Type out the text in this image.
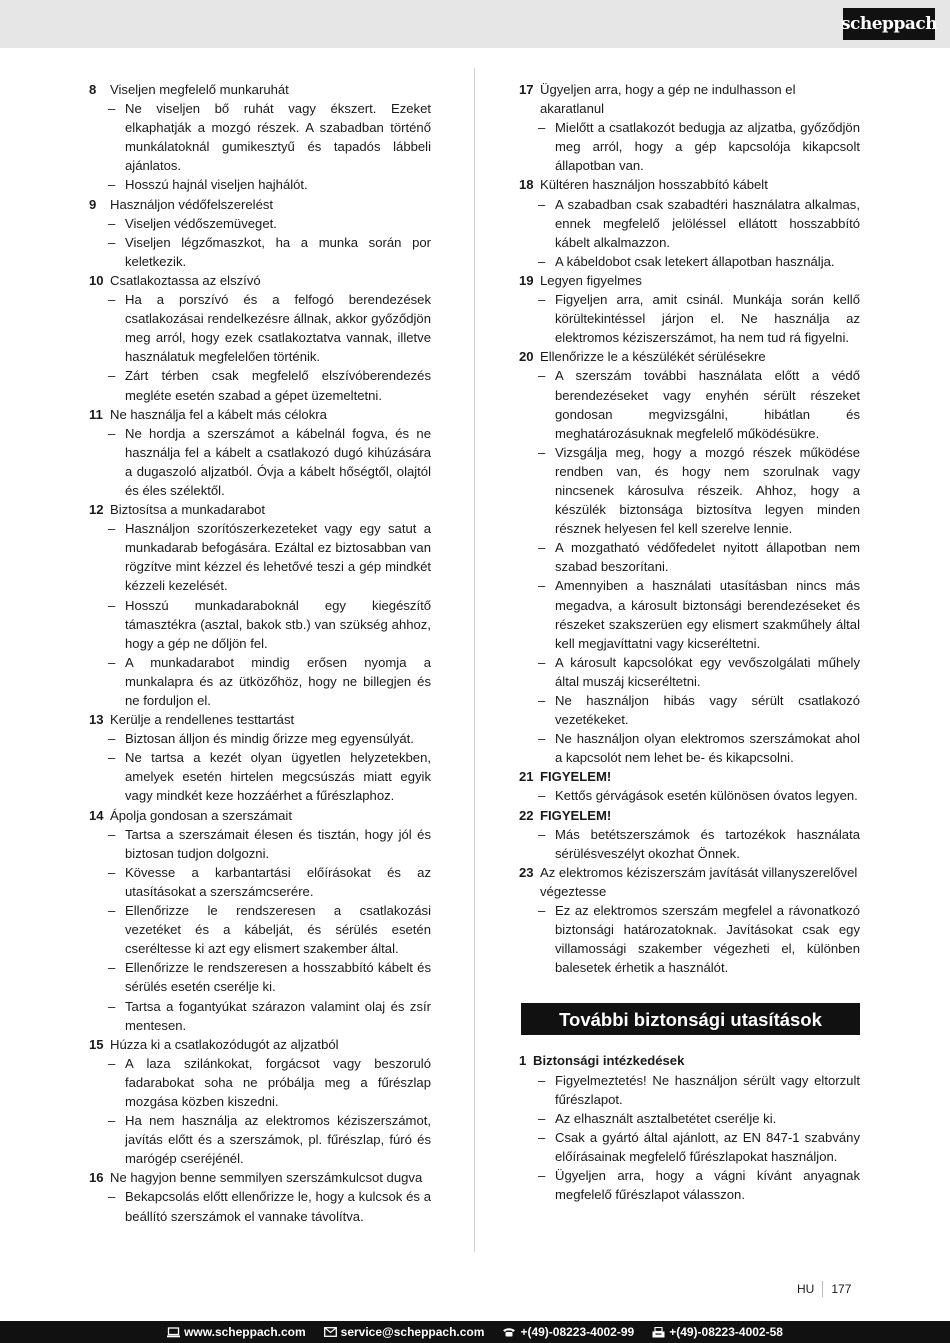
scheppach
8	Viseljen megfelelő munkaruhát
– Ne viseljen bő ruhát vagy ékszert. Ezeket elkaphatják a mozgó részek. A szabadban történő munkálatoknál gumikesztyű és tapadós lábbeli ajánlatos.
– Hosszú hajnál viseljen hajhálót.
9	Használjon védőfelszerelést
– Viseljen védőszemüveget.
– Viseljen légzőmaszkot, ha a munka során por keletkezik.
10 Csatlakoztassa az elszívó
– Ha a porszívó és a felfogó berendezések csatlakozásai rendelkezésre állnak, akkor győződjön meg arról, hogy ezek csatlakoztatva vannak, illetve használatuk megfelelően történik.
– Zárt térben csak megfelelő elszívóberendezés megléte esetén szabad a gépet üzemeltetni.
11 Ne használja fel a kábelt más célokra
– Ne hordja a szerszámot a kábelnál fogva, és ne használja fel a kábelt a csatlakozó dugó kihúzására a dugaszoló aljzatból. Óvja a kábelt hőségtől, olajtól és éles szélektől.
12 Biztosítsa a munkadarabot
– Használjon szorítószerkezeteket vagy egy satut a munkadarab befogására. Ezáltal ez biztosabban van rögzítve mint kézzel és lehetővé teszi a gép mindkét kézzeli kezelését.
– Hosszú munkadaraboknál egy kiegészítő támasztékra (asztal, bakok stb.) van szükség ahhoz, hogy a gép ne dőljön fel.
– A munkadarabot mindig erősen nyomja a munkalapra és az ütközőhöz, hogy ne billegjen és ne forduljon el.
13 Kerülje a rendellenes testtartást
– Biztosan álljon és mindig őrizze meg egyensúlyát.
– Ne tartsa a kezét olyan ügyetlen helyzetekben, amelyek esetén hirtelen megcsúszás miatt egyik vagy mindkét keze hozzáérhet a fűrészlaphoz.
14 Ápolja gondosan a szerszámait
– Tartsa a szerszámait élesen és tisztán, hogy jól és biztosan tudjon dolgozni.
– Kövesse a karbantartási előírásokat és az utasításokat a szerszámcserére.
– Ellenőrizze le rendszeresen a csatlakozási vezetéket és a kábelját, és sérülés esetén cseréltesse ki azt egy elismert szakember által.
– Ellenőrizze le rendszeresen a hosszabbító kábelt és sérülés esetén cserélje ki.
– Tartsa a fogantyúkat szárazon valamint olaj és zsír mentesen.
15 Húzza ki a csatlakozódugót az aljzatból
– A laza szilánkokat, forgácsot vagy beszoruló fadarabokat soha ne próbálja meg a fűrészlap mozgása közben kiszedni.
– Ha nem használja az elektromos kéziszerszámot, javítás előtt és a szerszámok, pl. fűrészlap, fúró és marógép cseréjénél.
16 Ne hagyjon benne semmilyen szerszámkulcsot dugva
– Bekapcsolás előtt ellenőrizze le, hogy a kulcsok és a beállító szerszámok el vannake távolítva.
17 Ügyeljen arra, hogy a gép ne indulhasson el akaratlanul
– Mielőtt a csatlakozót bedugja az aljzatba, győződjön meg arról, hogy a gép kapcsolója kikapcsolt állapotban van.
18 Kültéren használjon hosszabbító kábelt
– A szabadban csak szabadtéri használatra alkalmas, ennek megfelelő jelöléssel ellátott hosszabbító kábelt alkalmazzon.
– A kábeldobot csak letekert állapotban használja.
19 Legyen figyelmes
– Figyeljen arra, amit csinál. Munkája során kellő körültekintéssel járjon el. Ne használja az elektromos kéziszerszámot, ha nem tud rá figyelni.
20 Ellenőrizze le a készülékét sérülésekre
– A szerszám további használata előtt a védő berendezéseket vagy enyhén sérült részeket gondosan megvizsgálni, hibátlan és meghatározásuknak megfelelő működésükre.
– Vizsgálja meg, hogy a mozgó részek működése rendben van, és hogy nem szorulnak vagy nincsenek károsulva részeik. Ahhoz, hogy a készülék biztonsága biztosítva legyen minden résznek helyesen fel kell szerelve lennie.
– A mozgatható védőfedelet nyitott állapotban nem szabad beszorítani.
– Amennyiben a használati utasításban nincs más megadva, a károsult biztonsági berendezéseket és részeket szakszerüen egy elismert szakműhely által kell megjavíttatni vagy kicseréltetni.
– A károsult kapcsolókat egy vevőszolgálati műhely által muszáj kicseréltetni.
– Ne használjon hibás vagy sérült csatlakozó vezetékeket.
– Ne használjon olyan elektromos szerszámokat ahol a kapcsolót nem lehet be- és kikapcsolni.
21 FIGYELEM!
– Kettős gérvágások esetén különösen óvatos legyen.
22 FIGYELEM!
– Más betétszerszámok és tartozékok használata sérülésveszélyt okozhat Önnek.
23 Az elektromos kéziszerszám javítását villanyszerelővel végeztesse
– Ez az elektromos szerszám megfelel a rávonatkozó biztonsági határozatoknak. Javításokat csak egy villamossági szakember végezheti el, különben balesetek érhetik a használót.
További biztonsági utasítások
1 Biztonsági intézkedések
– Figyelmeztetés! Ne használjon sérült vagy eltorzult fűrészlapot.
– Az elhasznált asztalbetétet cserélje ki.
– Csak a gyártó által ajánlott, az EN 847-1 szabvány előírásainak megfelelő fűrészlapokat használjon.
– Ügyeljen arra, hogy a vágni kívánt anyagnak megfelelő fűrészlapot válasszon.
HU 177
www.scheppach.com	service@scheppach.com	+(49)-08223-4002-99	+(49)-08223-4002-58
